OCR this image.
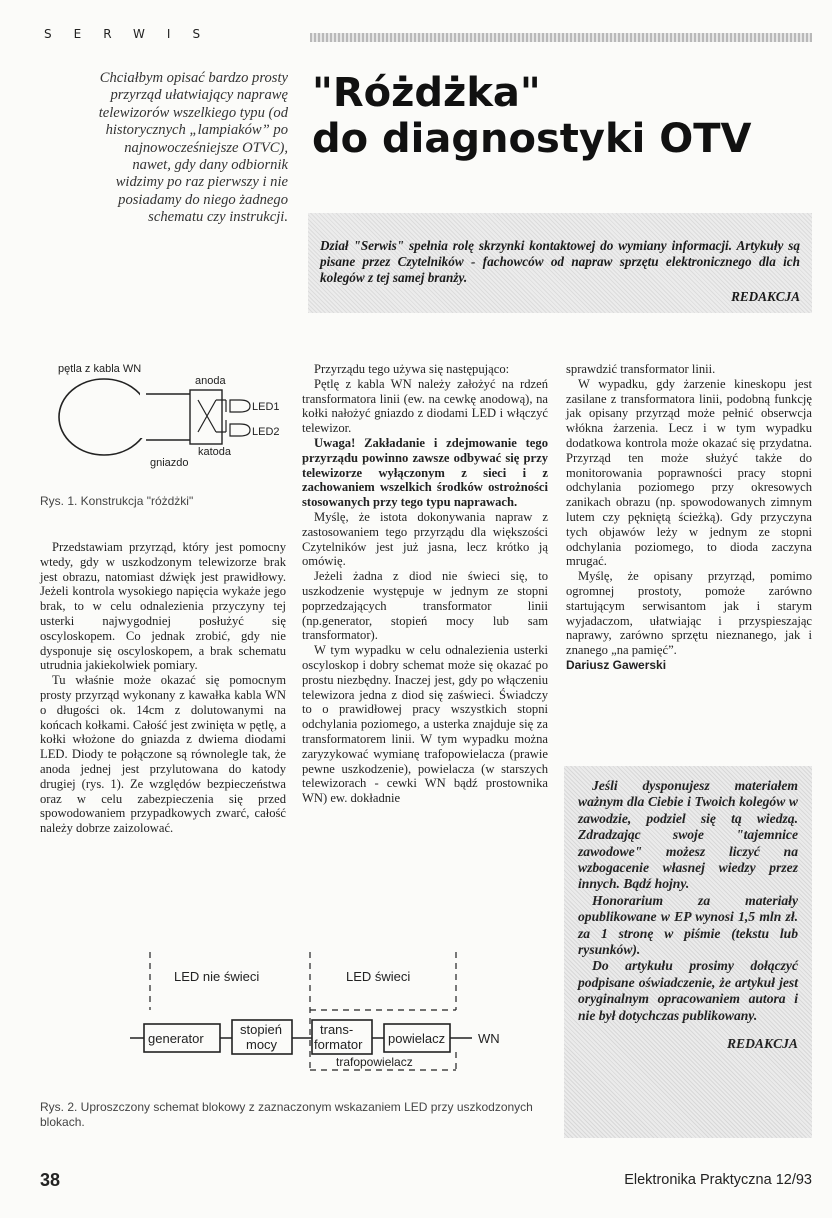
SERWIS
Chciałbym opisać bardzo prosty przyrząd ułatwiający naprawę telewizorów wszelkiego typu (od historycznych „lampiaków” po najnowocześniejsze OTVC), nawet, gdy dany odbiornik widzimy po raz pierwszy i nie posiadamy do niego żadnego schematu czy instrukcji.
"Różdżka"
do diagnostyki OTV

Dział "Serwis" spełnia rolę skrzynki kontaktowej do wymiany informacji. Artykuły są pisane przez Czytelników - fachowców od napraw sprzętu elektronicznego dla ich kolegów z tej samej branży.

REDAKCJA

pętla z kabla WN
anoda
LED1
LED2
katoda
gniazdo
Rys. 1. Konstrukcja "różdżki"

Przedstawiam przyrząd, który jest pomocny wtedy, gdy w uszkodzonym telewizorze brak jest obrazu, natomiast dźwięk jest prawidłowy. Jeżeli kontrola wysokiego napięcia wykaże jego brak, to w celu odnalezienia przyczyny tej usterki najwygodniej posłużyć się oscyloskopem. Co jednak zrobić, gdy nie dysponuje się oscyloskopem, a brak schematu utrudnia jakiekolwiek pomiary.

Tu właśnie może okazać się pomocnym prosty przyrząd wykonany z kawałka kabla WN o długości ok. 14cm z dolutowanymi na końcach kołkami. Całość jest zwinięta w pętlę, a kołki włożone do gniazda z dwiema diodami LED. Diody te połączone są równolegle tak, że anoda jednej jest przylutowana do katody drugiej (rys. 1). Ze względów bezpieczeństwa oraz w celu zabezpieczenia się przed spowodowaniem przypadkowych zwarć, całość należy dobrze zaizolować.

Przyrządu tego używa się następująco:

Pętlę z kabla WN należy założyć na rdzeń transformatora linii (ew. na cewkę anodową), na kołki nałożyć gniazdo z diodami LED i włączyć telewizor.

Uwaga! Zakładanie i zdejmowanie tego przyrządu powinno zawsze odbywać się przy telewizorze wyłączonym z sieci i z zachowaniem wszelkich środków ostrożności stosowanych przy tego typu naprawach.

Myślę, że istota dokonywania napraw z zastosowaniem tego przyrządu dla większości Czytelników jest już jasna, lecz krótko ją omówię.

Jeżeli żadna z diod nie świeci się, to uszkodzenie występuje w jednym ze stopni poprzedzających transformator linii (np.generator, stopień mocy lub sam transformator).

W tym wypadku w celu odnalezienia usterki oscyloskop i dobry schemat może się okazać po prostu niezbędny. Inaczej jest, gdy po włączeniu telewizora jedna z diod się zaświeci. Świadczy to o prawidłowej pracy wszystkich stopni odchylania poziomego, a usterka znajduje się za transformatorem linii. W tym wypadku można zaryzykować wymianę trafopowielacza (prawie pewne uszkodzenie), powielacza (w starszych telewizorach - cewki WN bądź prostownika WN) ew. dokładnie

sprawdzić transformator linii.

W wypadku, gdy żarzenie kineskopu jest zasilane z transformatora linii, podobną funkcję jak opisany przyrząd może pełnić obserwcja włókna żarzenia. Lecz i w tym wypadku dodatkowa kontrola może okazać się przydatna. Przyrząd ten może służyć także do monitorowania poprawności pracy stopni odchylania poziomego przy okresowych zanikach obrazu (np. spowodowanych zimnym lutem czy pękniętą ścieżką). Gdy przyczyna tych objawów leży w jednym ze stopni odchylania poziomego, to dioda zaczyna mrugać.

Myślę, że opisany przyrząd, pomimo ogromnej prostoty, pomoże zarówno startującym serwisantom jak i starym wyjadaczom, ułatwiając i przyspieszając naprawy, zarówno sprzętu nieznanego, jak i znanego „na pamięć”.

Dariusz Gawerski

LED nie świeci	LED świeci
generator
stopień
mocy
trans-
formator powielacz	WN
trafopowielacz
Rys. 2. Uproszczony schemat blokowy z zaznaczonym wskazaniem LED przy uszkodzonych blokach.

Jeśli dysponujesz materiałem ważnym dla Ciebie i Twoich kolegów w zawodzie, podziel się tą wiedzą. Zdradzając swoje "tajemnice zawodowe" możesz liczyć na wzbogacenie własnej wiedzy przez innych. Bądź hojny.

Honorarium za materiały opublikowane w EP wynosi 1,5 mln zł. za 1 stronę w piśmie (tekstu lub rysunków).

Do artykułu prosimy dołączyć podpisane oświadczenie, że artykuł jest oryginalnym opracowaniem autora i nie był dotychczas publikowany.

REDAKCJA

38	Elektronika Praktyczna 12/93
